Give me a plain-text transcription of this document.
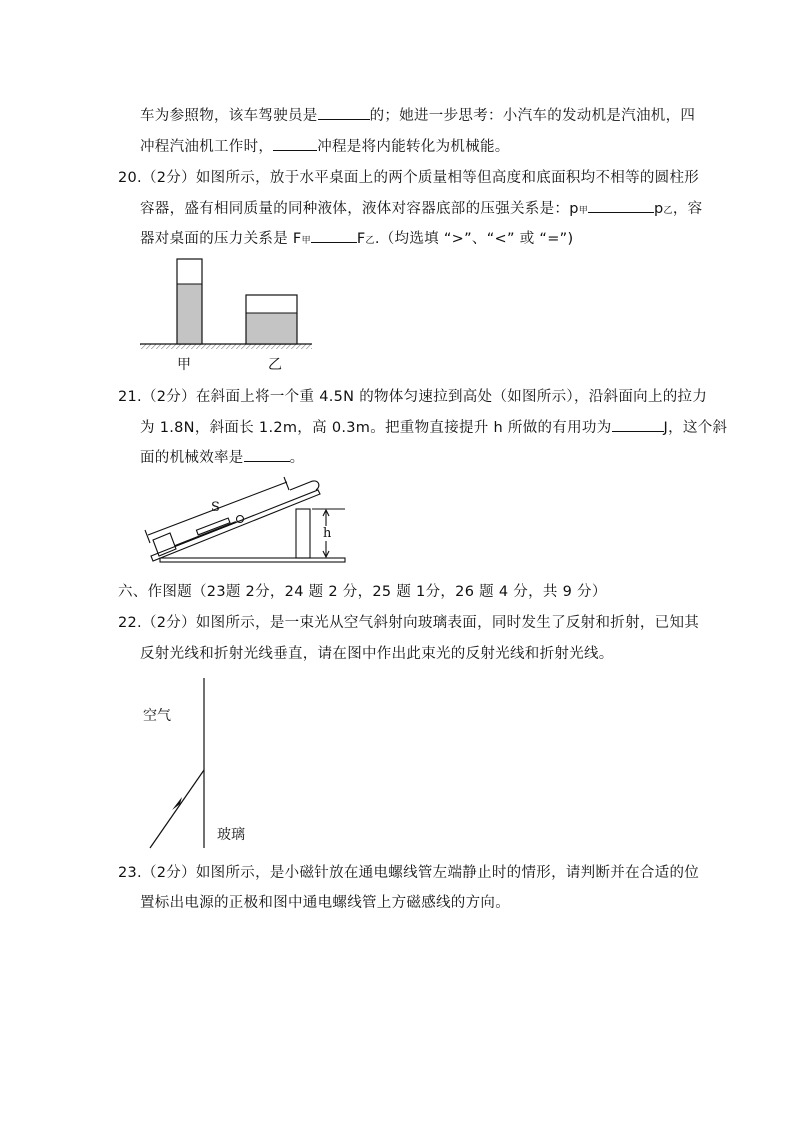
车为参照物，该车驾驶员是	的；她进一步思考：小汽车的发动机是汽油机，四
冲程汽油机工作时，	冲程是将内能转化为机械能。
20.（2分）如图所示，放于水平桌面上的两个质量相等但高度和底面积均不相等的圆柱形
容器，盛有相同质量的同种液体，液体对容器底部的压强关系是：p甲	p乙，容
器对桌面的压力关系是 F甲	F乙.（均选填 “>”、“<” 或 “=”)
甲	乙
21.（2分）在斜面上将一个重 4.5N 的物体匀速拉到高处（如图所示），沿斜面向上的拉力
为 1.8N，斜面长 1.2m，高 0.3m。把重物直接提升 h 所做的有用功为	J，这个斜
面的机械效率是	。
S
h
六、作图题（23题 2分，24 题 2 分，25 题 1分，26 题 4 分，共 9 分）
22.（2分）如图所示，是一束光从空气斜射向玻璃表面，同时发生了反射和折射，已知其
反射光线和折射光线垂直，请在图中作出此束光的反射光线和折射光线。
空气
玻璃
23.（2分）如图所示，是小磁针放在通电螺线管左端静止时的情形，请判断并在合适的位
置标出电源的正极和图中通电螺线管上方磁感线的方向。
